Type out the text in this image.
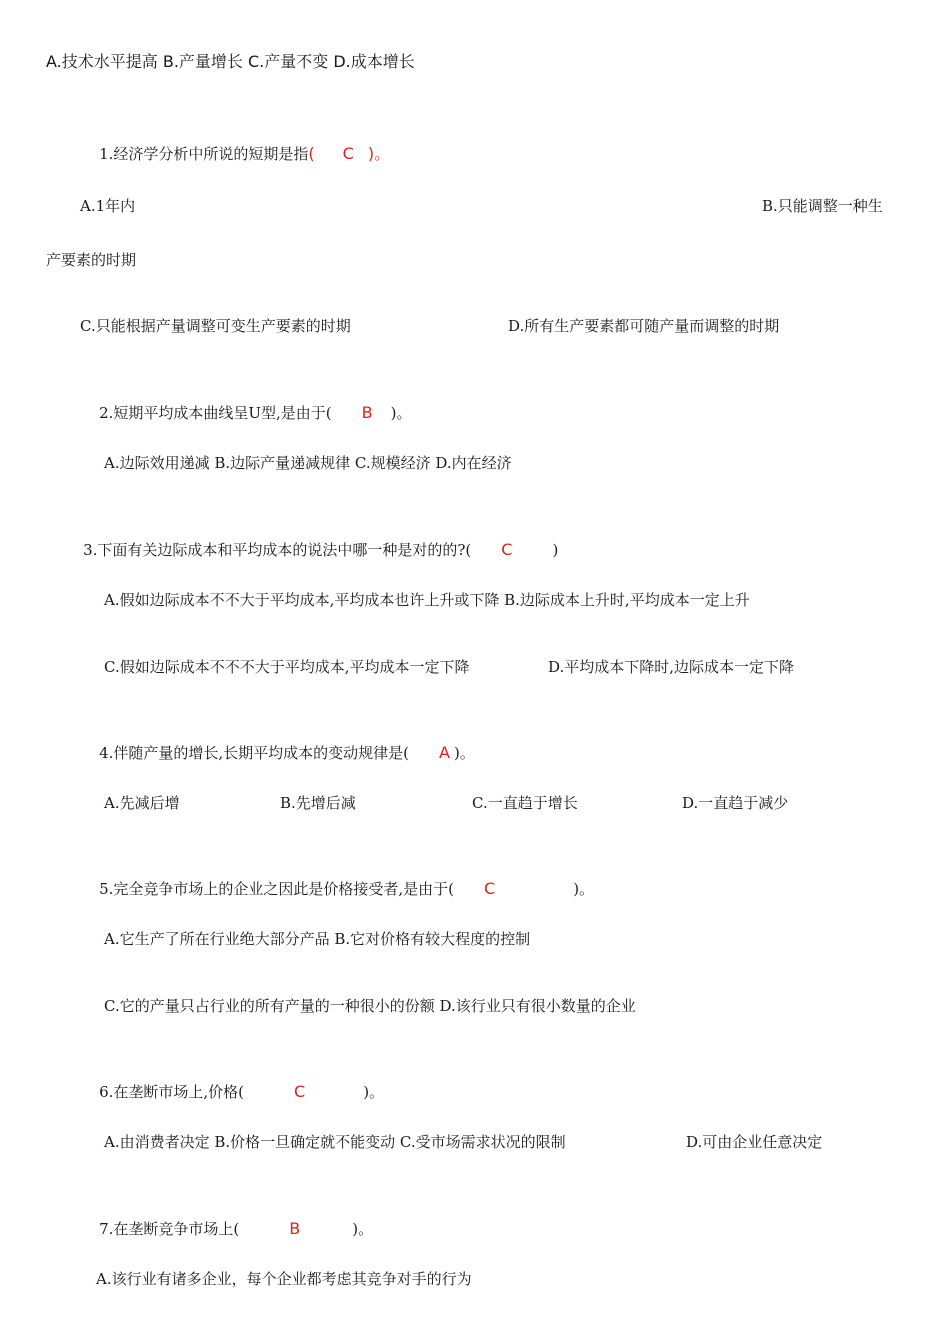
A.技术水平提高 B.产量增长 C.产量不变 D.成本增长

1.经济学分析中所说的短期是指( C )。

A.1年内	B.只能调整一种生
产要素的时期
C.只能根据产量调整可变生产要素的时期	D.所有生产要素都可随产量而调整的时期

2.短期平均成本曲线呈U型,是由于( B )。

A.边际效用递减 B.边际产量递减规律 C.规模经济 D.内在经济

3.下面有关边际成本和平均成本的说法中哪一种是对的的?( C	)

A.假如边际成本不不大于平均成本,平均成本也许上升或下降 B.边际成本上升时,平均成本一定上升
C.假如边际成本不不不大于平均成本,平均成本一定下降	D.平均成本下降时,边际成本一定下降

4.伴随产量的增长,长期平均成本的变动规律是( A )。

A.先减后增	B.先增后减	C.一直趋于增长	D.一直趋于减少

5.完全竞争市场上的企业之因此是价格接受者,是由于( C	)。

A.它生产了所在行业绝大部分产品 B.它对价格有较大程度的控制
C.它的产量只占行业的所有产量的一种很小的份额 D.该行业只有很小数量的企业

6.在垄断市场上,价格(	C	)。

A.由消费者决定 B.价格一旦确定就不能变动 C.受市场需求状况的限制	D.可由企业任意决定

7.在垄断竞争市场上(	B	)。

A.该行业有诸多企业，每个企业都考虑其竞争对手的行为
